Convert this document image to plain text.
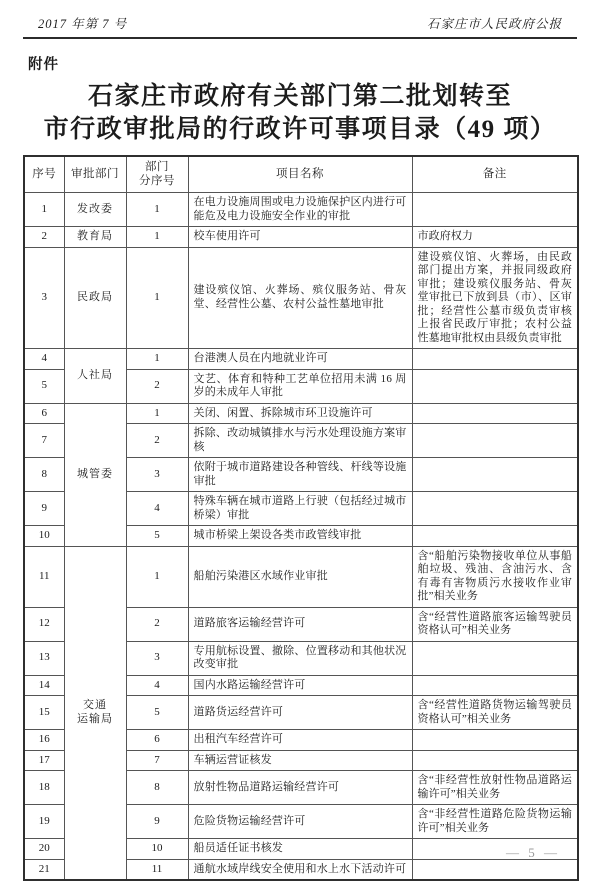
2017 年第 7 号	石家庄市人民政府公报
附件
石家庄市政府有关部门第二批划转至
市行政审批局的行政许可事项目录（49 项）
序号	审批部门	部门
分序号	项目名称	备注
1	发改委	1	在电力设施周围或电力设施保护区内进行可能危及电力设施安全作业的审批	
2	教育局	1	校车使用许可	市政府权力
3	民政局	1	建设殡仪馆、火葬场、殡仪服务站、骨灰堂、经营性公墓、农村公益性墓地审批	建设殡仪馆、火葬场，由民政部门提出方案，并报同级政府审批；建设殡仪服务站、骨灰堂审批已下放到县（市）、区审批；经营性公墓市级负责审核上报省民政厅审批；农村公益性墓地审批权由县级负责审批
4	人社局	1	台港澳人员在内地就业许可	
5		2	文艺、体育和特种工艺单位招用未满 16 周岁的未成年人审批	
6	城管委	1	关闭、闲置、拆除城市环卫设施许可	
7		2	拆除、改动城镇排水与污水处理设施方案审核	
8		3	依附于城市道路建设各种管线、杆线等设施审批	
9		4	特殊车辆在城市道路上行驶（包括经过城市桥梁）审批	
10		5	城市桥梁上架设各类市政管线审批	
11	交通
运输局	1	船舶污染港区水域作业审批	含“船舶污染物接收单位从事船舶垃圾、残油、含油污水、含有毒有害物质污水接收作业审批”相关业务
12		2	道路旅客运输经营许可	含“经营性道路旅客运输驾驶员资格认可”相关业务
13		3	专用航标设置、撤除、位置移动和其他状况改变审批	
14		4	国内水路运输经营许可	
15		5	道路货运经营许可	含“经营性道路货物运输驾驶员资格认可”相关业务
16		6	出租汽车经营许可	
17		7	车辆运营证核发	
18		8	放射性物品道路运输经营许可	含“非经营性放射性物品道路运输许可”相关业务
19		9	危险货物运输经营许可	含“非经营性道路危险货物运输许可”相关业务
20		10	船员适任证书核发	
21		11	通航水域岸线安全使用和水上水下活动许可	
— 5 —
